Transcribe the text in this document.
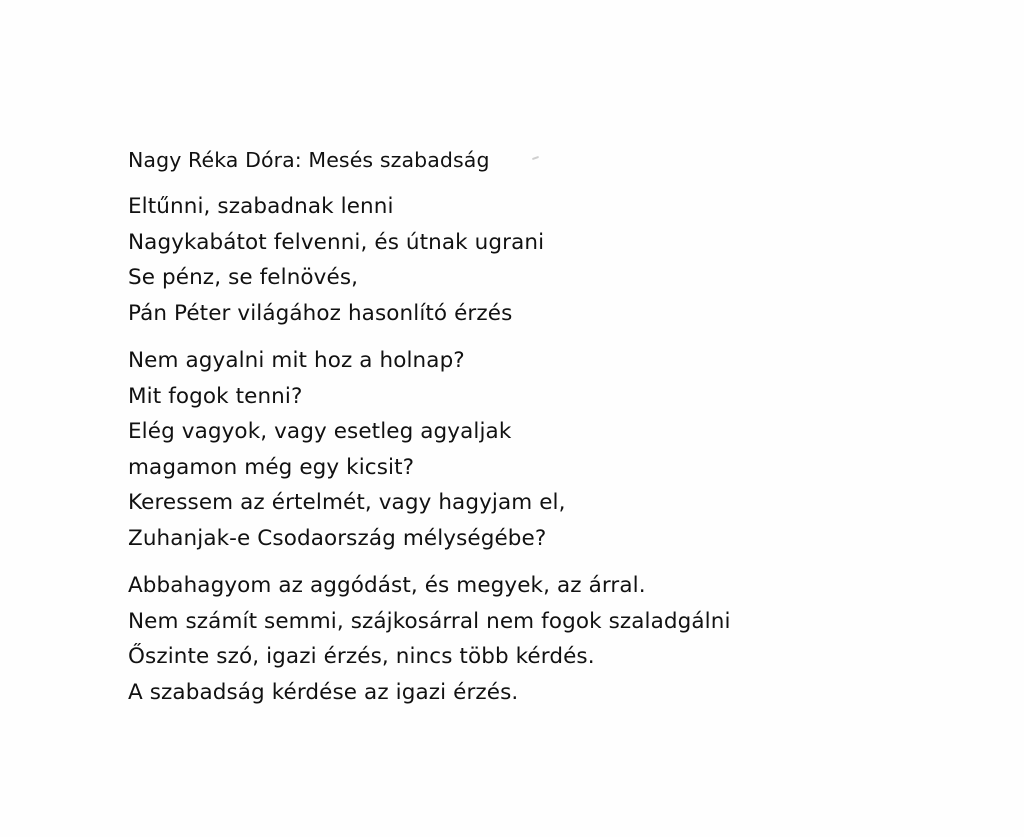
Nagy Réka Dóra: Mesés szabadság
Eltűnni, szabadnak lenni
Nagykabátot felvenni, és útnak ugrani
Se pénz, se felnövés,
Pán Péter világához hasonlító érzés
Nem agyalni mit hoz a holnap?
Mit fogok tenni?
Elég vagyok, vagy esetleg agyaljak
magamon még egy kicsit?
Keressem az értelmét, vagy hagyjam el,
Zuhanjak-e Csodaország mélységébe?
Abbahagyom az aggódást, és megyek, az árral.
Nem számít semmi, szájkosárral nem fogok szaladgálni
Őszinte szó, igazi érzés, nincs több kérdés.
A szabadság kérdése az igazi érzés.
